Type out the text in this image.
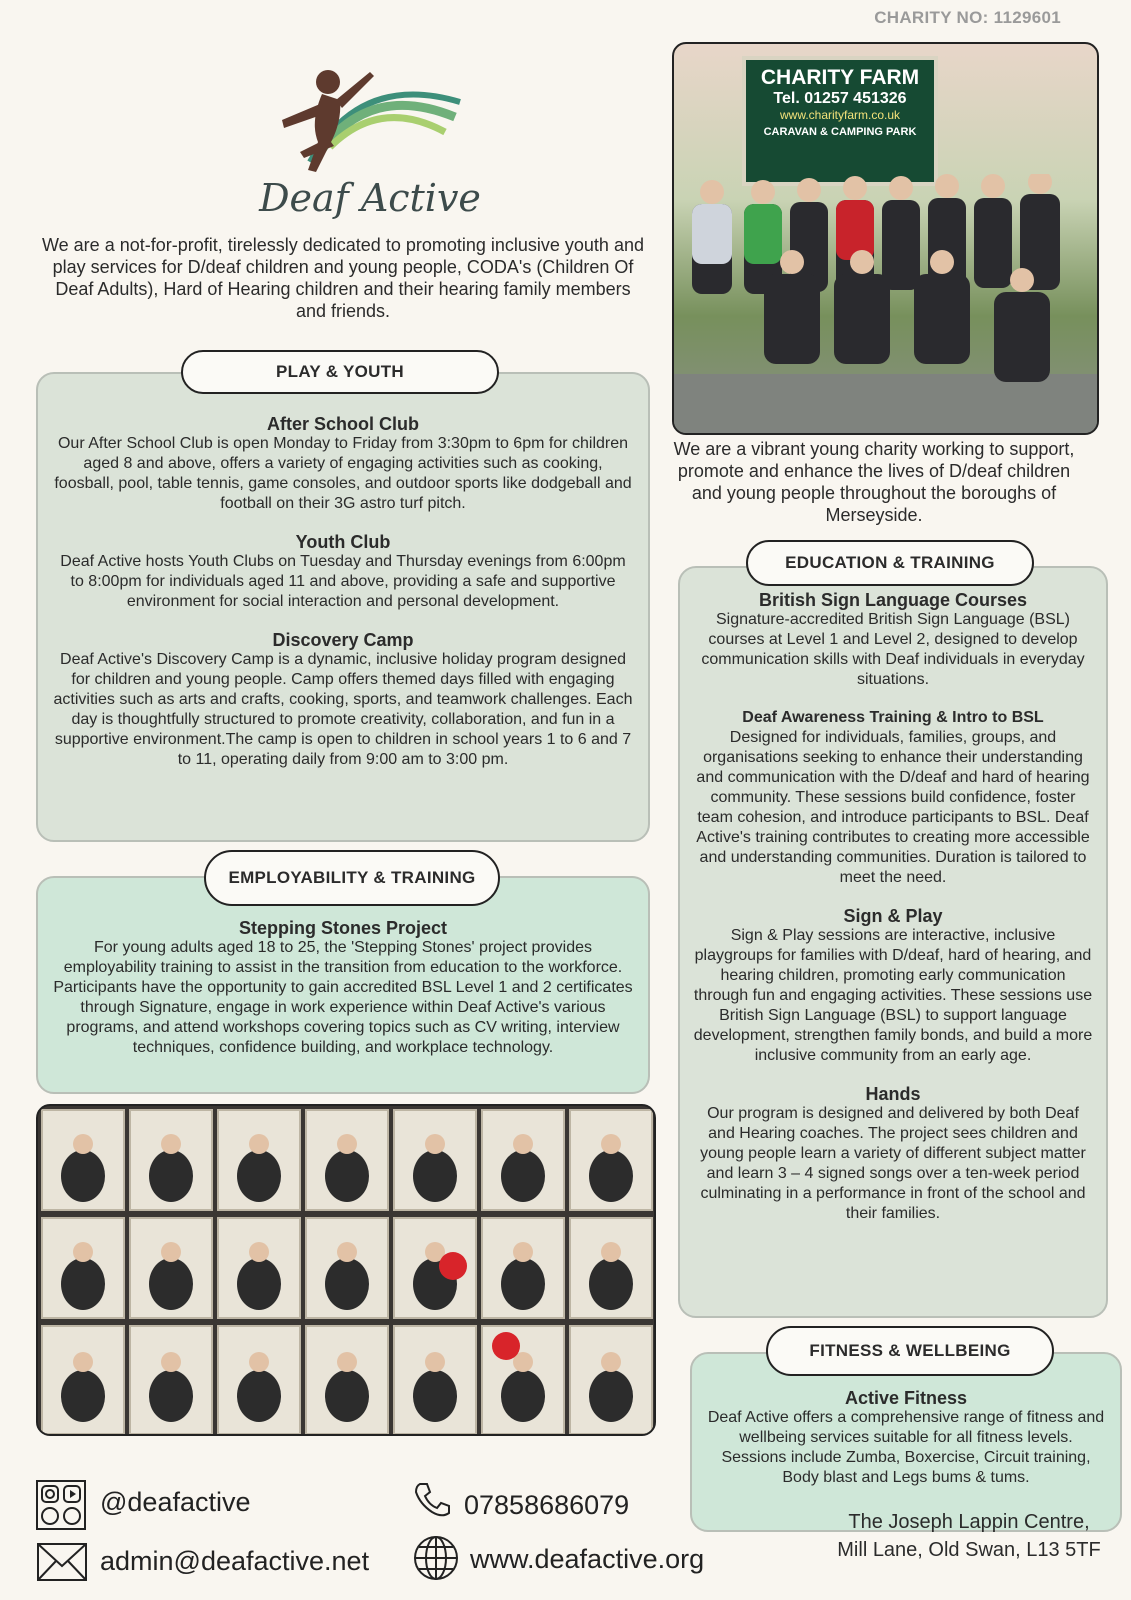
CHARITY NO: 1129601
Deaf Active
We are a not-for-profit, tirelessly dedicated to promoting inclusive youth and play services for D/deaf children and young people, CODA's (Children Of Deaf Adults), Hard of Hearing children and their hearing family members and friends.
After School Club

Our After School Club is open Monday to Friday from 3:30pm to 6pm for children aged 8 and above, offers a variety of engaging activities such as cooking, foosball, pool, table tennis, game consoles, and outdoor sports like dodgeball and football on their 3G astro turf pitch.

Youth Club

Deaf Active hosts Youth Clubs on Tuesday and Thursday evenings from 6:00pm to 8:00pm for individuals aged 11 and above, providing a safe and supportive environment for social interaction and personal development.

Discovery Camp

Deaf Active's Discovery Camp is a dynamic, inclusive holiday program designed for children and young people. Camp offers themed days filled with engaging activities such as arts and crafts, cooking, sports, and teamwork challenges. Each day is thoughtfully structured to promote creativity, collaboration, and fun in a supportive environment.The camp is open to children in school years 1 to 6 and 7 to 11, operating daily from 9:00 am to 3:00 pm.

PLAY & YOUTH
Stepping Stones Project

For young adults aged 18 to 25, the 'Stepping Stones' project provides employability training to assist in the transition from education to the workforce. Participants have the opportunity to gain accredited BSL Level 1 and 2 certificates through Signature, engage in work experience within Deaf Active's various programs, and attend workshops covering topics such as CV writing, interview techniques, confidence building, and workplace technology.

EMPLOYABILITY & TRAINING
CHARITY FARM
Tel. 01257 451326
www.charityfarm.co.uk
CARAVAN & CAMPING PARK
We are a vibrant young charity working to support, promote and enhance the lives of D/deaf children and young people throughout the boroughs of Merseyside.
British Sign Language Courses

Signature-accredited British Sign Language (BSL) courses at Level 1 and Level 2, designed to develop communication skills with Deaf individuals in everyday situations.

Deaf Awareness Training & Intro to BSL

Designed for individuals, families, groups, and organisations seeking to enhance their understanding and communication with the D/deaf and hard of hearing community. These sessions build confidence, foster team cohesion, and introduce participants to BSL. Deaf Active's training contributes to creating more accessible and understanding communities. Duration is tailored to meet the need.

Sign & Play

Sign & Play sessions are interactive, inclusive playgroups for families with D/deaf, hard of hearing, and hearing children, promoting early communication through fun and engaging activities. These sessions use British Sign Language (BSL) to support language development, strengthen family bonds, and build a more inclusive community from an early age.

Hands

Our program is designed and delivered by both Deaf and Hearing coaches. The project sees children and young people learn a variety of different subject matter and learn 3 – 4 signed songs over a ten-week period culminating in a performance in front of the school and their families.

EDUCATION & TRAINING
Active Fitness

Deaf Active offers a comprehensive range of fitness and wellbeing services suitable for all fitness levels.

Sessions include Zumba, Boxercise, Circuit training, Body blast and Legs bums & tums.

FITNESS & WELLBEING
@deafactive	07858686079
admin@deafactive.net	www.deafactive.org
The Joseph Lappin Centre,
Mill Lane, Old Swan, L13 5TF
